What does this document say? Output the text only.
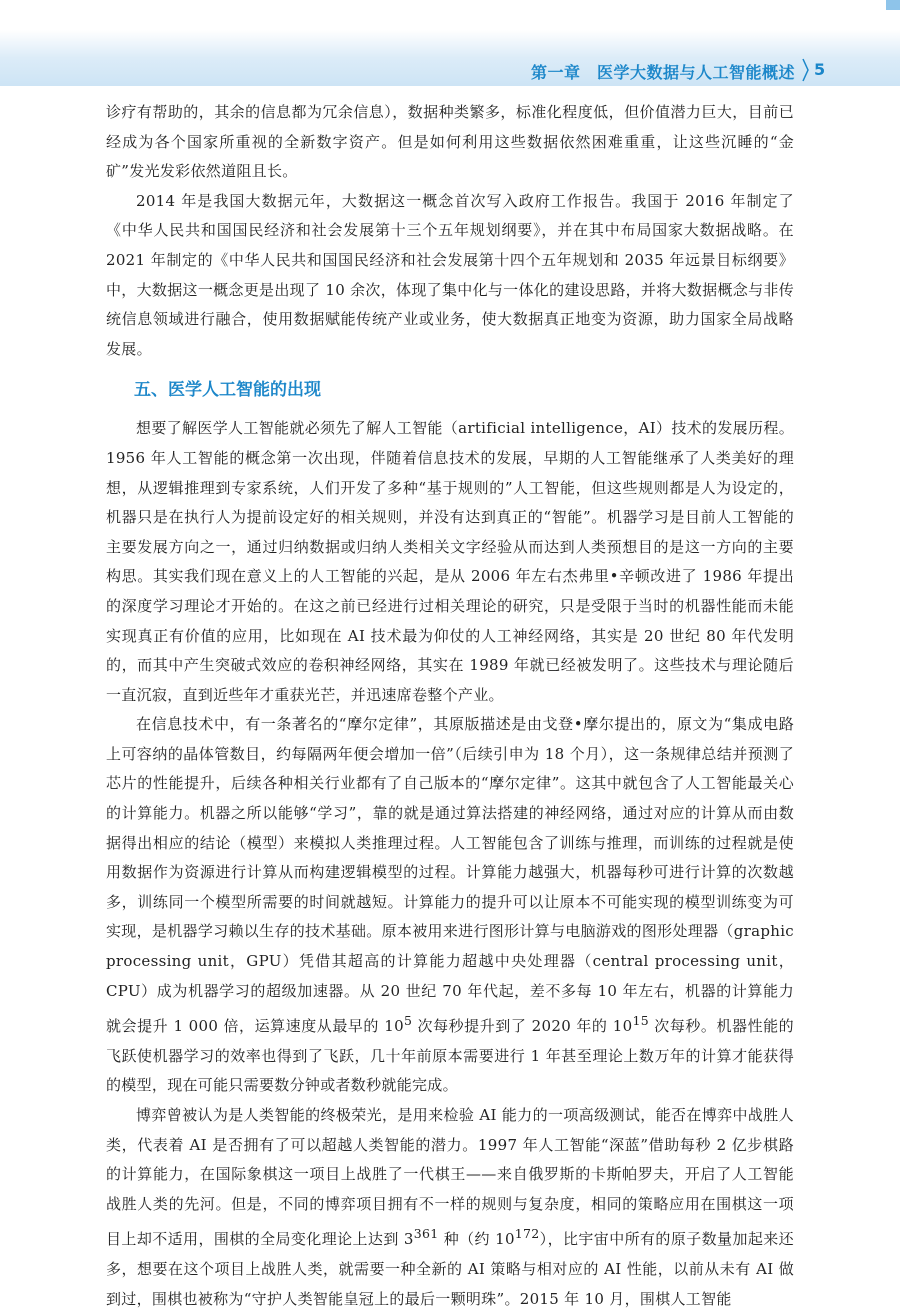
第一章　医学大数据与人工智能概述 5

诊疗有帮助的，其余的信息都为冗余信息），数据种类繁多，标准化程度低，但价值潜力巨大，目前已经成为各个国家所重视的全新数字资产。但是如何利用这些数据依然困难重重，让这些沉睡的“金矿”发光发彩依然道阻且长。

2014 年是我国大数据元年，大数据这一概念首次写入政府工作报告。我国于 2016 年制定了《中华人民共和国国民经济和社会发展第十三个五年规划纲要》，并在其中布局国家大数据战略。在 2021 年制定的《中华人民共和国国民经济和社会发展第十四个五年规划和 2035 年远景目标纲要》中，大数据这一概念更是出现了 10 余次，体现了集中化与一体化的建设思路，并将大数据概念与非传统信息领域进行融合，使用数据赋能传统产业或业务，使大数据真正地变为资源，助力国家全局战略发展。

五、医学人工智能的出现

想要了解医学人工智能就必须先了解人工智能（artificial intelligence，AI）技术的发展历程。1956 年人工智能的概念第一次出现，伴随着信息技术的发展，早期的人工智能继承了人类美好的理想，从逻辑推理到专家系统，人们开发了多种“基于规则的”人工智能，但这些规则都是人为设定的，机器只是在执行人为提前设定好的相关规则，并没有达到真正的“智能”。机器学习是目前人工智能的主要发展方向之一，通过归纳数据或归纳人类相关文字经验从而达到人类预想目的是这一方向的主要构思。其实我们现在意义上的人工智能的兴起，是从 2006 年左右杰弗里•辛顿改进了 1986 年提出的深度学习理论才开始的。在这之前已经进行过相关理论的研究，只是受限于当时的机器性能而未能实现真正有价值的应用，比如现在 AI 技术最为仰仗的人工神经网络，其实是 20 世纪 80 年代发明的，而其中产生突破式效应的卷积神经网络，其实在 1989 年就已经被发明了。这些技术与理论随后一直沉寂，直到近些年才重获光芒，并迅速席卷整个产业。

在信息技术中，有一条著名的“摩尔定律”，其原版描述是由戈登•摩尔提出的，原文为“集成电路上可容纳的晶体管数目，约每隔两年便会增加一倍”（后续引申为 18 个月），这一条规律总结并预测了芯片的性能提升，后续各种相关行业都有了自己版本的“摩尔定律”。这其中就包含了人工智能最关心的计算能力。机器之所以能够“学习”，靠的就是通过算法搭建的神经网络，通过对应的计算从而由数据得出相应的结论（模型）来模拟人类推理过程。人工智能包含了训练与推理，而训练的过程就是使用数据作为资源进行计算从而构建逻辑模型的过程。计算能力越强大，机器每秒可进行计算的次数越多，训练同一个模型所需要的时间就越短。计算能力的提升可以让原本不可能实现的模型训练变为可实现，是机器学习赖以生存的技术基础。原本被用来进行图形计算与电脑游戏的图形处理器（graphic processing unit，GPU）凭借其超高的计算能力超越中央处理器（central processing unit，CPU）成为机器学习的超级加速器。从 20 世纪 70 年代起，差不多每 10 年左右，机器的计算能力就会提升 1 000 倍，运算速度从最早的 $10^5$ 次每秒提升到了 2020 年的 $10^{15}$ 次每秒。机器性能的飞跃使机器学习的效率也得到了飞跃，几十年前原本需要进行 1 年甚至理论上数万年的计算才能获得的模型，现在可能只需要数分钟或者数秒就能完成。

博弈曾被认为是人类智能的终极荣光，是用来检验 AI 能力的一项高级测试，能否在博弈中战胜人类，代表着 AI 是否拥有了可以超越人类智能的潜力。1997 年人工智能“深蓝”借助每秒 2 亿步棋路的计算能力，在国际象棋这一项目上战胜了一代棋王——来自俄罗斯的卡斯帕罗夫，开启了人工智能战胜人类的先河。但是，不同的博弈项目拥有不一样的规则与复杂度，相同的策略应用在围棋这一项目上却不适用，围棋的全局变化理论上达到 $3^{361}$ 种（约 $10^{172}$），比宇宙中所有的原子数量加起来还多，想要在这个项目上战胜人类，就需要一种全新的 AI 策略与相对应的 AI 性能，以前从未有 AI 做到过，围棋也被称为“守护人类智能皇冠上的最后一颗明珠”。2015 年 10 月，围棋人工智能
